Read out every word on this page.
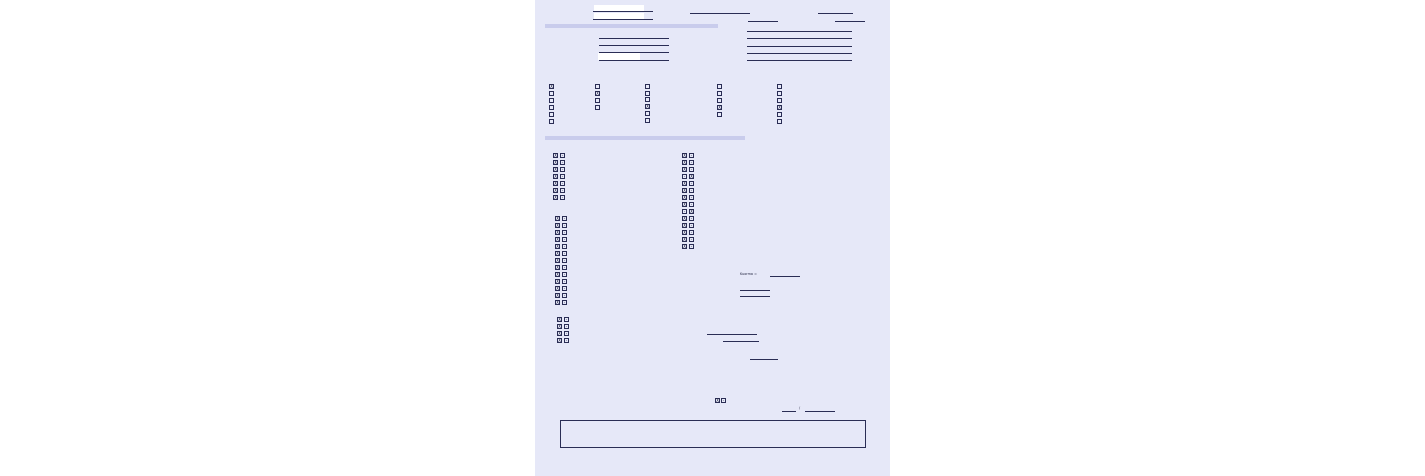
Kuorma =
X -
/
X
X
X	X	X
X	-
X	-
X	-
X	-
X	-
X	-
X	-
X	-
X	-
X	-
X	-
X	-
X	-
X	-
X	-
X	-
X	-
X	-
X	-
X	-
X	-
X	-
X	-
X	-
X	-
X	-
X	-
-	X
X	-
X	-
X	-
X	-
-	X
X	-
X	-
X	-
X	-
X	-
